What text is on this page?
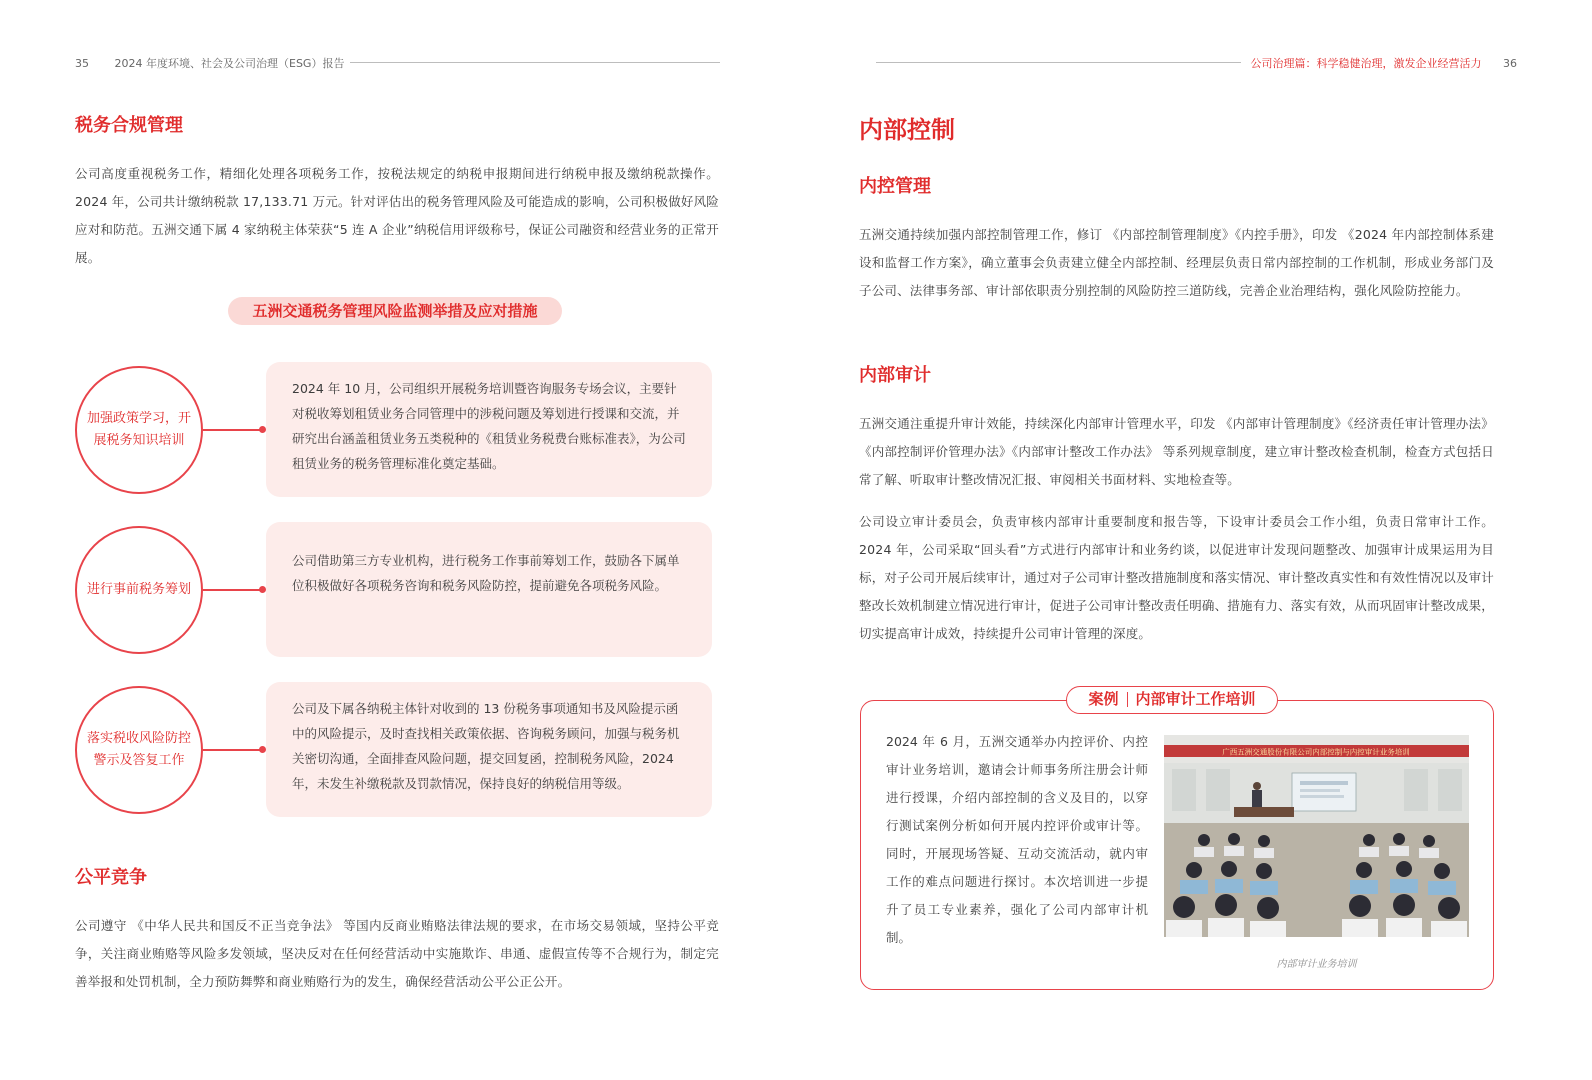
35 2024 年度环境、社会及公司治理（ESG）报告
税务合规管理

公司高度重视税务工作，精细化处理各项税务工作，按税法规定的纳税申报期间进行纳税申报及缴纳税款操作。2024 年，公司共计缴纳税款 17,133.71 万元。针对评估出的税务管理风险及可能造成的影响，公司积极做好风险应对和防范。五洲交通下属 4 家纳税主体荣获“5 连 A 企业”纳税信用评级称号，保证公司融资和经营业务的正常开展。

五洲交通税务管理风险监测举措及应对措施
加强政策学习，开展税务知识培训
2024 年 10 月，公司组织开展税务培训暨咨询服务专场会议，主要针对税收筹划租赁业务合同管理中的涉税问题及筹划进行授课和交流，并研究出台涵盖租赁业务五类税种的《租赁业务税费台账标准表》，为公司租赁业务的税务管理标准化奠定基础。
进行事前税务筹划
公司借助第三方专业机构，进行税务工作事前筹划工作，鼓励各下属单位积极做好各项税务咨询和税务风险防控，提前避免各项税务风险。
落实税收风险防控警示及答复工作
公司及下属各纳税主体针对收到的 13 份税务事项通知书及风险提示函中的风险提示，及时查找相关政策依据、咨询税务顾问，加强与税务机关密切沟通，全面排查风险问题，提交回复函，控制税务风险，2024 年，未发生补缴税款及罚款情况，保持良好的纳税信用等级。
公平竞争

公司遵守 《中华人民共和国反不正当竞争法》 等国内反商业贿赂法律法规的要求，在市场交易领域，坚持公平竞争，关注商业贿赂等风险多发领域，坚决反对在任何经营活动中实施欺诈、串通、虚假宣传等不合规行为，制定完善举报和处罚机制，全力预防舞弊和商业贿赂行为的发生，确保经营活动公平公正公开。

公司治理篇：科学稳健治理，激发企业经营活力 36
内部控制
内控管理

五洲交通持续加强内部控制管理工作，修订 《内部控制管理制度》《内控手册》，印发 《2024 年内部控制体系建设和监督工作方案》，确立董事会负责建立健全内部控制、经理层负责日常内部控制的工作机制，形成业务部门及子公司、法律事务部、审计部依职责分别控制的风险防控三道防线，完善企业治理结构，强化风险防控能力。

内部审计

五洲交通注重提升审计效能，持续深化内部审计管理水平，印发 《内部审计管理制度》《经济责任审计管理办法》《内部控制评价管理办法》《内部审计整改工作办法》 等系列规章制度，建立审计整改检查机制，检查方式包括日常了解、听取审计整改情况汇报、审阅相关书面材料、实地检查等。

公司设立审计委员会，负责审核内部审计重要制度和报告等，下设审计委员会工作小组，负责日常审计工作。2024 年，公司采取“回头看”方式进行内部审计和业务约谈，以促进审计发现问题整改、加强审计成果运用为目标，对子公司开展后续审计，通过对子公司审计整改措施制度和落实情况、审计整改真实性和有效性情况以及审计整改长效机制建立情况进行审计，促进子公司审计整改责任明确、措施有力、落实有效，从而巩固审计整改成果，切实提高审计成效，持续提升公司审计管理的深度。

案例 内部审计工作培训

2024 年 6 月，五洲交通举办内控评价、内控审计业务培训，邀请会计师事务所注册会计师进行授课，介绍内部控制的含义及目的，以穿行测试案例分析如何开展内控评价或审计等。同时，开展现场答疑、互动交流活动，就内审工作的难点问题进行探讨。本次培训进一步提升了员工专业素养，强化了公司内部审计机制。

广西五洲交通股份有限公司内部控制与内控审计业务培训
内部审计业务培训
